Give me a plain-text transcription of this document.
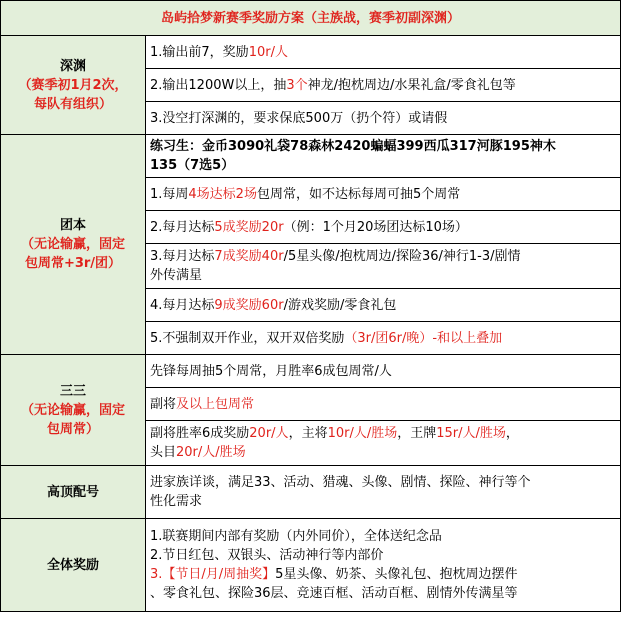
岛屿拾梦新赛季奖励方案（主族战，赛季初副深渊）	

深渊
（赛季初1月2次，
每队有组织）	1.输出前7，奖励10r/人
	2.输出1200W以上，抽3个神龙/抱枕周边/水果礼盒/零食礼包等
	3.没空打深渊的，要求保底500万（扔个符）或请假

团本
（无论输赢，固定
包周常+3r/团）	练习生：金币3090礼袋78森林2420蝙蝠399西瓜317河豚195神木
135（7选5）

	1.每周4场达标2场包周常，如不达标每周可抽5个周常
	2.每月达标5成奖励20r（例：1个月20场团达标10场）
	3.每月达标7成奖励40r/5星头像/抱枕周边/探险36/神行1-3/剧情
外传满星
	4.每月达标9成奖励60r/游戏奖励/零食礼包
	5.不强制双开作业，双开双倍奖励（3r/团6r/晚）-和以上叠加

三三
（无论输赢，固定
包周常）	先锋每周抽5个周常，月胜率6成包周常/人
	副将及以上包周常
	副将胜率6成奖励20r/人，主将10r/人/胜场，王牌15r/人/胜场，
头目20r/人/胜场

高顶配号	进家族详谈，满足33、活动、猎魂、头像、剧情、探险、神行等个
性化需求

全体奖励	1.联赛期间内部有奖励（内外同价），全体送纪念品
2.节日红包、双银头、活动神行等内部价
3.【节日/月/周抽奖】5星头像、奶茶、头像礼包、抱枕周边摆件
、零食礼包、探险36层、竞速百框、活动百框、剧情外传满星等
